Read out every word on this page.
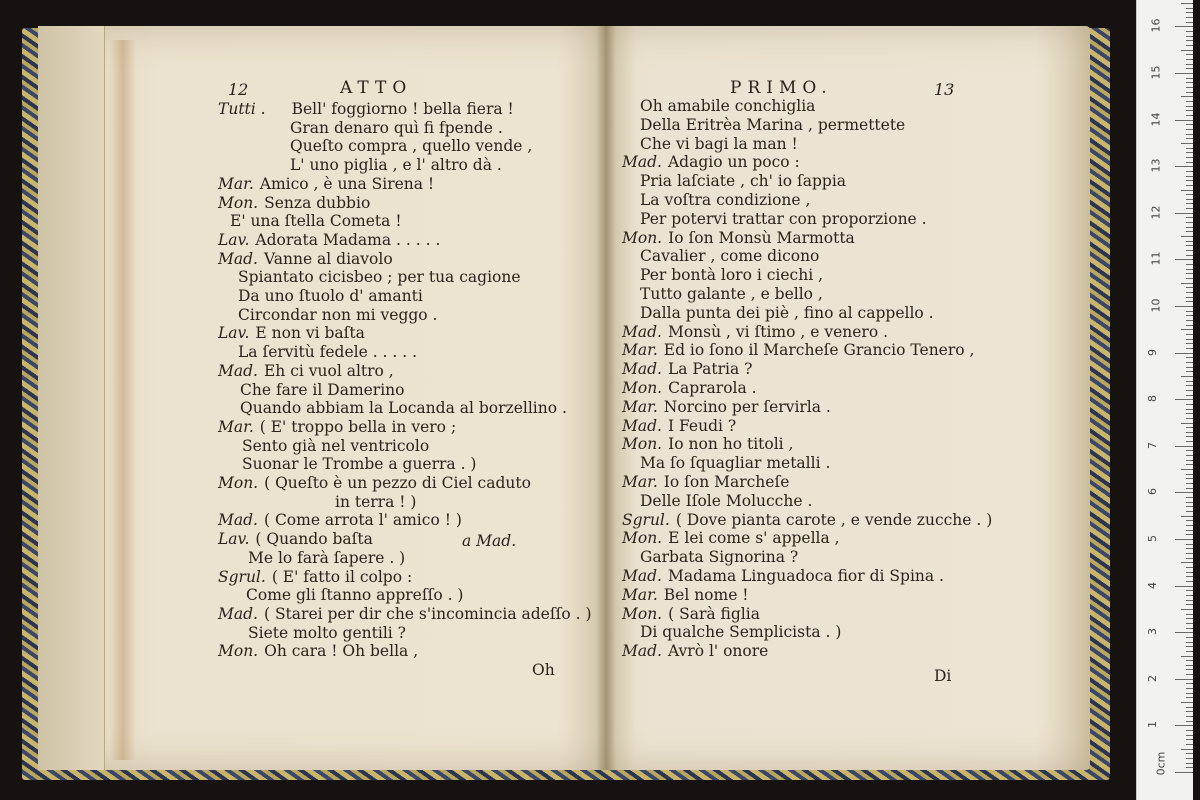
12	ATTO	PRIMO.	13
Tutti . Bell' foggiorno ! bella fiera !
Gran denaro quì fi fpende .
Queſto compra , quello vende ,
L' uno piglia , e l' altro dà .
Mar. Amico , è una Sirena !
Mon. Senza dubbio
E' una ſtella Cometa !
Lav. Adorata Madama . . . . .
Mad. Vanne al diavolo
Spiantato cicisbeo ; per tua cagione
Da uno ſtuolo d' amanti
Circondar non mi veggo .
Lav. E non vi baſta
La ſervitù fedele . . . . .
Mad. Eh ci vuol altro ,
Che fare il Damerino
Quando abbiam la Locanda al borzellino .
Mar. ( E' troppo bella in vero ;
Sento già nel ventricolo
Suonar le Trombe a guerra . )
Mon. ( Queſto è un pezzo di Ciel caduto
in terra ! )
Mad. ( Come arrota l' amico ! )
Lav. ( Quando baſta
Me lo farà ſapere . )
Sgrul. ( E' fatto il colpo :
Come gli ſtanno appreſſo . )
Mad. ( Starei per dir che s'incomincia adeſſo . )
Siete molto gentili ?
Mon. Oh cara ! Oh bella ,
Oh amabile conchiglia
Della Eritrèa Marina , permettete
Che vi bagi la man !
Mad. Adagio un poco :
Pria laſciate , ch' io ſappia
La voſtra condizione ,
Per potervi trattar con proporzione .
Mon. Io ſon Monsù Marmotta
Cavalier , come dicono
Per bontà loro i ciechi ,
Tutto galante , e bello ,
Dalla punta dei piè , fino al cappello .
Mad. Monsù , vi ſtimo , e venero .
Mar. Ed io ſono il Marcheſe Grancio Tenero ,
Mad. La Patria ?
Mon. Caprarola .
Mar. Norcino per ſervirla .
Mad. I Feudi ?
Mon. Io non ho titoli ,
Ma ſo ſquagliar metalli .
Mar. Io ſon Marcheſe
Delle Iſole Molucche .
Sgrul. ( Dove pianta carote , e vende zucche . )
Mon. E lei come s' appella ,
Garbata Signorina ?
Mad. Madama Linguadoca fior di Spina .
Mar. Bel nome !
Mon. ( Sarà figlia
Di qualche Semplicista . )
Mad. Avrò l' onore
a Mad.
Oh	Di
0cm
1
2
3
4
5
6
7
8
9
10
11
12
13
14
15
16
